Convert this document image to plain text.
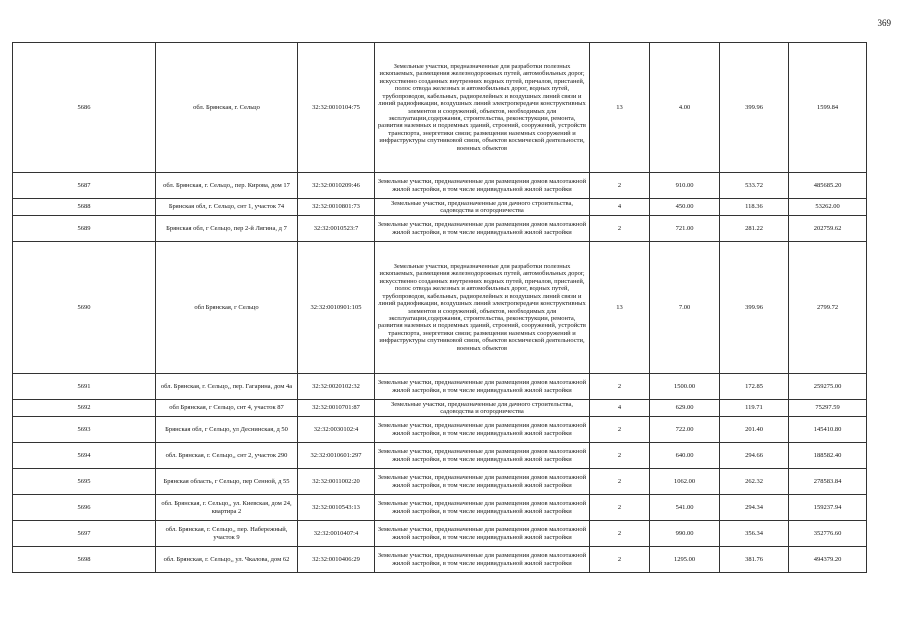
369
5686	обл. Брянская, г. Сельцо	32:32:0010104:75	Земельные участки, предназначенные для разработки полезных ископаемых, размещения железнодорожных путей, автомобильных дорог, искусственно созданных внутренних водных путей, причалов, пристаней, полос отвода железных и автомобильных дорог, водных путей, трубопроводов, кабельных, радиорелейных и воздушных линий связи и линий радиофикации, воздушных линий электропередачи конструктивных элементов и сооружений, объектов, необходимых для эксплуатации,содержания, строительства, реконструкции, ремонта, развития наземных и подземных зданий, строений, сооружений, устройств транспорта, энергетики связи; размещения наземных сооружений и инфраструктуры спутниковой связи, объектов космической деятельности, военных объектов	13	4.00	399.96	1599.84
5687	обл. Брянская, г. Сельцо,, пер. Кирова, дом 17	32:32:0010209:46	Земельные участки, предназначенные для размещения домов малоэтажной жилой застройки, в том числе индивидуальной жилой застройки	2	910.00	533.72	485685.20
5688	Брянская обл, г. Сельцо, снт 1, участок 74	32:32:0010801:73	Земельные участки, предназначенные для дачного строительства, садоводства и огородничества	4	450.00	118.36	53262.00
5689	Брянская обл, г Сельцо, пер 2-й Лягина, д 7	32:32:0010523:7	Земельные участки, предназначенные для размещения домов малоэтажной жилой застройки, в том числе индивидуальной жилой застройки	2	721.00	281.22	202759.62
5690	обл Брянская, г Сельцо	32:32:0010901:105	Земельные участки, предназначенные для разработки полезных ископаемых, размещения железнодорожных путей, автомобильных дорог, искусственно созданных внутренних водных путей, причалов, пристаней, полос отвода железных и автомобильных дорог, водных путей, трубопроводов, кабельных, радиорелейных и воздушных линий связи и линий радиофикации, воздушных линий электропередачи конструктивных элементов и сооружений, объектов, необходимых для эксплуатации,содержания, строительства, реконструкции, ремонта, развития наземных и подземных зданий, строений, сооружений, устройств транспорта, энергетики связи; размещения наземных сооружений и инфраструктуры спутниковой связи, объектов космической деятельности, военных объектов	13	7.00	399.96	2799.72
5691	обл. Брянская, г. Сельцо,, пер. Гагарина, дом 4а	32:32:0020102:32	Земельные участки, предназначенные для размещения домов малоэтажной жилой застройки, в том числе индивидуальной жилой застройки	2	1500.00	172.85	259275.00
5692	обл Брянская, г Сельцо, снт 4, участок 87	32:32:0010701:87	Земельные участки, предназначенные для дачного строительства, садоводства и огородничества	4	629.00	119.71	75297.59
5693	Брянская обл, г Сельцо, ул Деснинская, д 50	32:32:0030102:4	Земельные участки, предназначенные для размещения домов малоэтажной жилой застройки, в том числе индивидуальной жилой застройки	2	722.00	201.40	145410.80
5694	обл. Брянская, г. Сельцо,, снт 2, участок 290	32:32:0010601:297	Земельные участки, предназначенные для размещения домов малоэтажной жилой застройки, в том числе индивидуальной жилой застройки	2	640.00	294.66	188582.40
5695	Брянская область, г Сельцо, пер Сенной, д 55	32:32:0011002:20	Земельные участки, предназначенные для размещения домов малоэтажной жилой застройки, в том числе индивидуальной жилой застройки	2	1062.00	262.32	278583.84
5696	обл. Брянская, г. Сельцо,, ул. Киевская, дом 24, квартира 2	32:32:0010543:13	Земельные участки, предназначенные для размещения домов малоэтажной жилой застройки, в том числе индивидуальной жилой застройки	2	541.00	294.34	159237.94
5697	обл. Брянская, г. Сельцо,, пер. Набережный, участок 9	32:32:0010407:4	Земельные участки, предназначенные для размещения домов малоэтажной жилой застройки, в том числе индивидуальной жилой застройки	2	990.00	356.34	352776.60
5698	обл. Брянская, г. Сельцо,, ул. Чкалова, дом 62	32:32:0010406:29	Земельные участки, предназначенные для размещения домов малоэтажной жилой застройки, в том числе индивидуальной жилой застройки	2	1295.00	381.76	494379.20
